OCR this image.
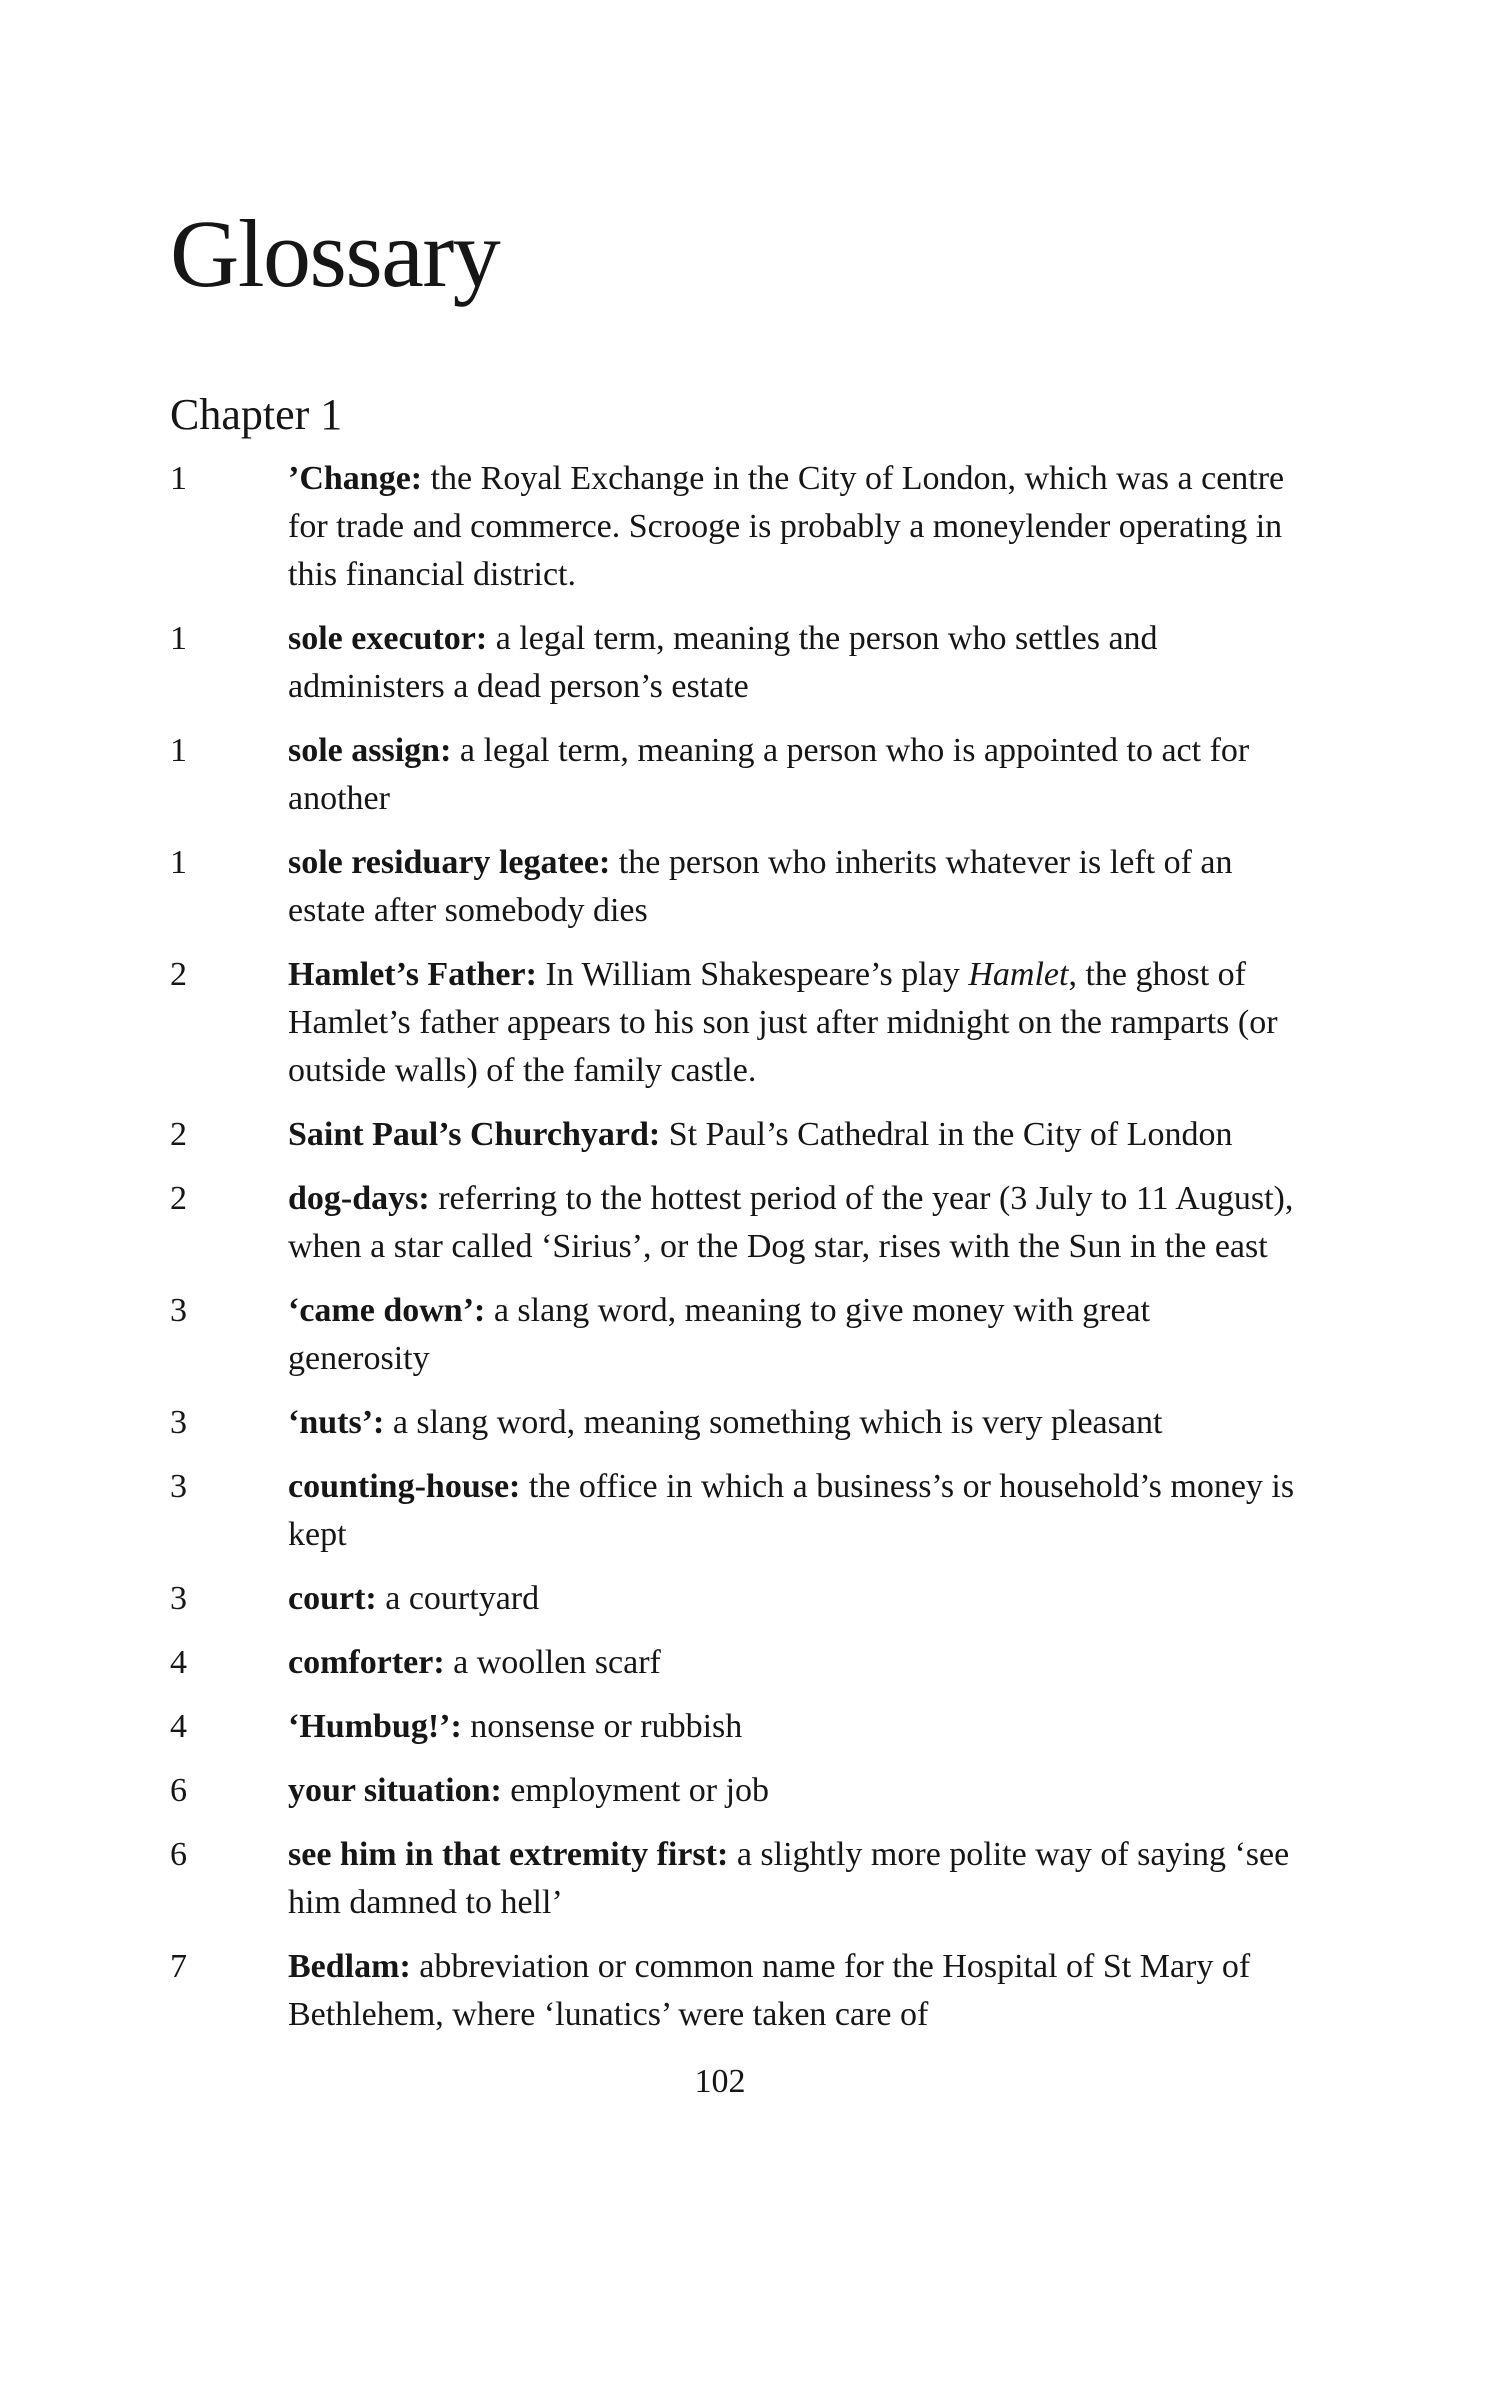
Glossary
Chapter 1
1	’Change: the Royal Exchange in the City of London, which was a centre for trade and commerce. Scrooge is probably a moneylender operating in this financial district.

1	sole executor: a legal term, meaning the person who settles and administers a dead person’s estate

1	sole assign: a legal term, meaning a person who is appointed to act for another

1	sole residuary legatee: the person who inherits whatever is left of an estate after somebody dies

2	Hamlet’s Father: In William Shakespeare’s play Hamlet, the ghost of Hamlet’s father appears to his son just after midnight on the ramparts (or outside walls) of the family castle.

2	Saint Paul’s Churchyard: St Paul’s Cathedral in the City of London

2	dog-days: referring to the hottest period of the year (3 July to 11 August), when a star called ‘Sirius’, or the Dog star, rises with the Sun in the east

3	‘came down’: a slang word, meaning to give money with great generosity

3	‘nuts’: a slang word, meaning something which is very pleasant

3	counting-house: the office in which a business’s or household’s money is kept

3	court: a courtyard

4	comforter: a woollen scarf

4	‘Humbug!’: nonsense or rubbish

6	your situation: employment or job

6	see him in that extremity first: a slightly more polite way of saying ‘see him damned to hell’

7	Bedlam: abbreviation or common name for the Hospital of St Mary of Bethlehem, where ‘lunatics’ were taken care of

102
